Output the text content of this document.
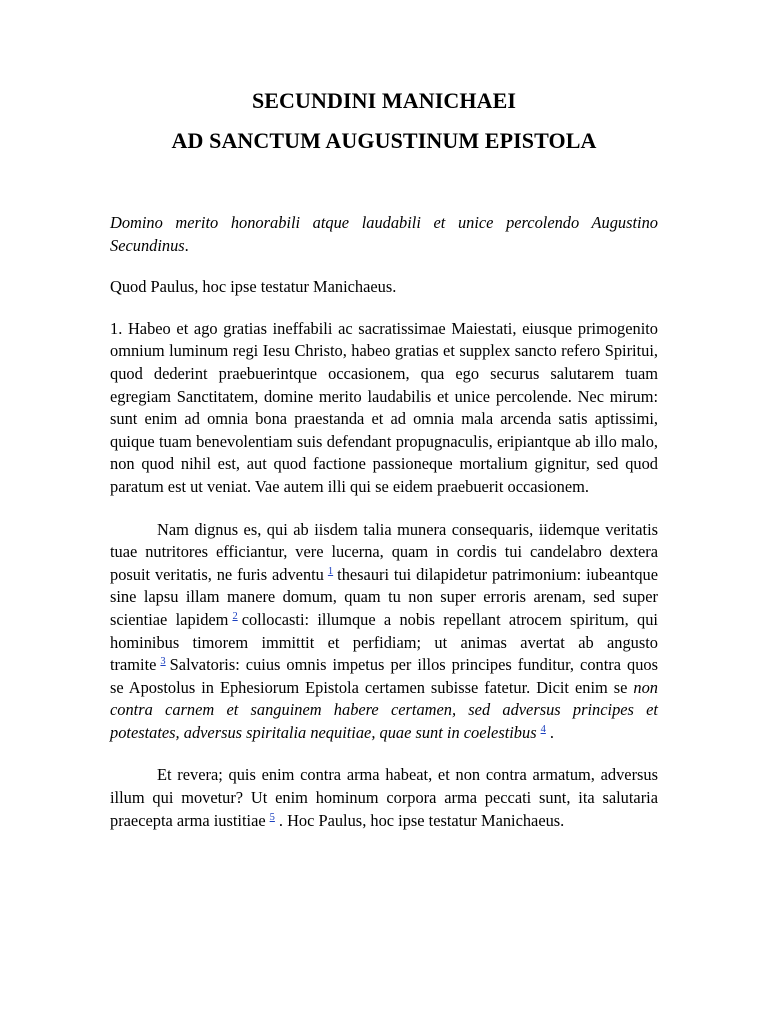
SECUNDINI MANICHAEI
AD SANCTUM AUGUSTINUM EPISTOLA

Domino merito honorabili atque laudabili et unice percolendo Augustino Secundinus.

Quod Paulus, hoc ipse testatur Manichaeus.

1. Habeo et ago gratias ineffabili ac sacratissimae Maiestati, eiusque primogenito omnium luminum regi Iesu Christo, habeo gratias et supplex sancto refero Spiritui, quod dederint praebuerintque occasionem, qua ego securus salutarem tuam egregiam Sanctitatem, domine merito laudabilis et unice percolende. Nec mirum: sunt enim ad omnia bona praestanda et ad omnia mala arcenda satis aptissimi, quique tuam benevolentiam suis defendant propugnaculis, eripiantque ab illo malo, non quod nihil est, aut quod factione passioneque mortalium gignitur, sed quod paratum est ut veniat. Vae autem illi qui se eidem praebuerit occasionem.

Nam dignus es, qui ab iisdem talia munera consequaris, iidemque veritatis tuae nutritores efficiantur, vere lucerna, quam in cordis tui candelabro dextera posuit veritatis, ne furis adventu $^1$ thesauri tui dilapidetur patrimonium: iubeantque sine lapsu illam manere domum, quam tu non super erroris arenam, sed super scientiae lapidem $^2$ collocasti: illumque a nobis repellant atrocem spiritum, qui hominibus timorem immittit et perfidiam; ut animas avertat ab angusto tramite $^3$ Salvatoris: cuius omnis impetus per illos principes funditur, contra quos se Apostolus in Ephesiorum Epistola certamen subisse fatetur. Dicit enim se non contra carnem et sanguinem habere certamen, sed adversus principes et potestates, adversus spiritalia nequitiae, quae sunt in coelestibus $^4$ .

Et revera; quis enim contra arma habeat, et non contra armatum, adversus illum qui movetur? Ut enim hominum corpora arma peccati sunt, ita salutaria praecepta arma iustitiae $^5$ . Hoc Paulus, hoc ipse testatur Manichaeus.
